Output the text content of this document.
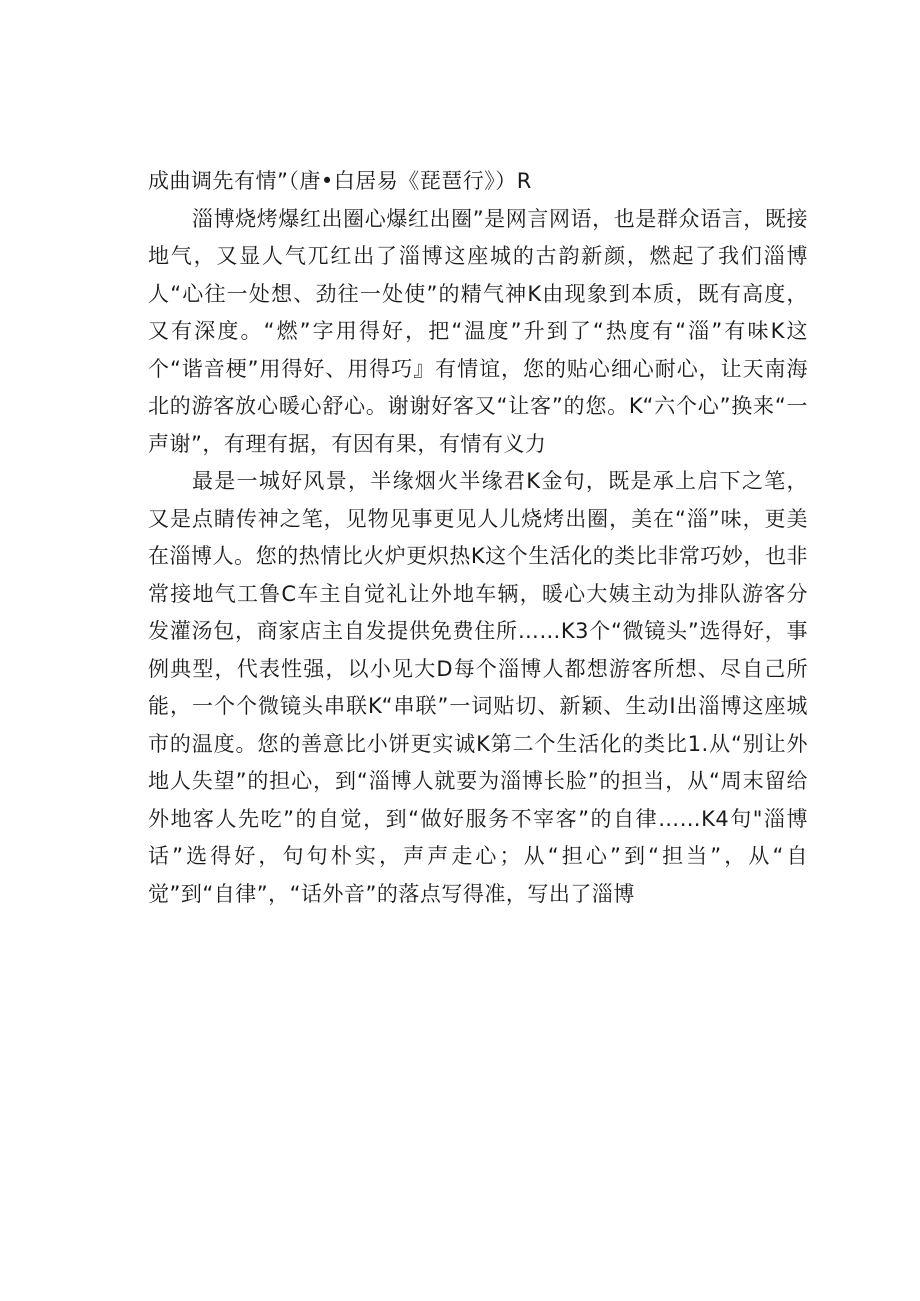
成曲调先有情”（唐•白居易《琵琶行》）R

淄博烧烤爆红出圈心爆红出圈”是网言网语，也是群众语言，既接地气，又显人气兀红出了淄博这座城的古韵新颜，燃起了我们淄博人“心往一处想、劲往一处使”的精气神K由现象到本质，既有高度，又有深度。“燃”字用得好，把“温度”升到了“热度有“淄”有味K这个“谐音梗”用得好、用得巧』有情谊，您的贴心细心耐心，让天南海北的游客放心暖心舒心。谢谢好客又“让客”的您。K“六个心”换来“一声谢”，有理有据，有因有果，有情有义力

最是一城好风景，半缘烟火半缘君K金句，既是承上启下之笔，又是点睛传神之笔，见物见事更见人儿烧烤出圈，美在“淄”味，更美在淄博人。您的热情比火炉更炽热K这个生活化的类比非常巧妙，也非常接地气工鲁C车主自觉礼让外地车辆，暖心大姨主动为排队游客分发灌汤包，商家店主自发提供免费住所……K3个“微镜头”选得好，事例典型，代表性强，以小见大D每个淄博人都想游客所想、尽自己所能，一个个微镜头串联K“串联”一词贴切、新颖、生动I出淄博这座城市的温度。您的善意比小饼更实诚K第二个生活化的类比1.从“别让外地人失望”的担心，到“淄博人就要为淄博长脸”的担当，从“周末留给外地客人先吃”的自觉，到“做好服务不宰客”的自律……K4句"淄博话”选得好，句句朴实，声声走心；从“担心”到“担当”，从“自觉”到“自律”，“话外音”的落点写得准，写出了淄博
